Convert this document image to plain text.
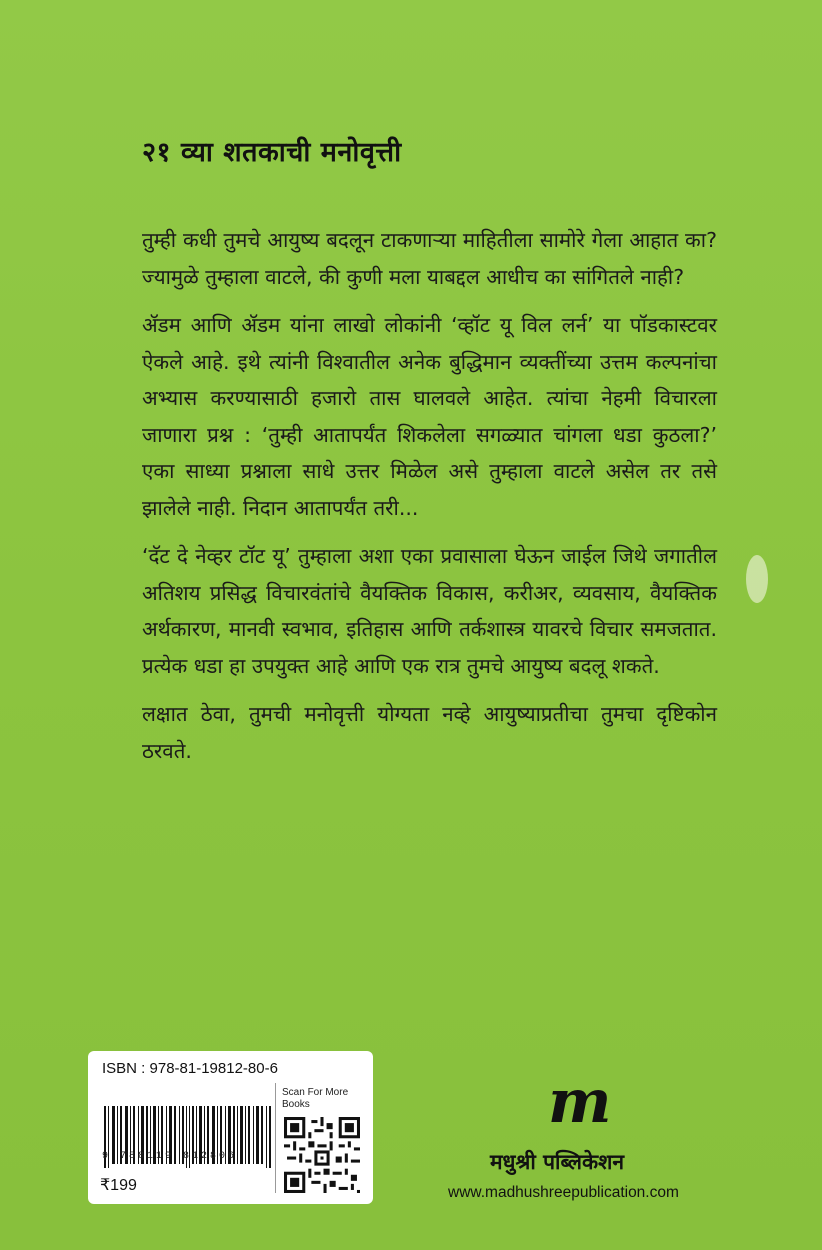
२१ व्या शतकाची मनोवृत्ती

तुम्ही कधी तुमचे आयुष्य बदलून टाकणाऱ्या माहितीला सामोरे गेला आहात का? ज्यामुळे तुम्हाला वाटले, की कुणी मला याबद्दल आधीच का सांगितले नाही?

ॲडम आणि ॲडम यांना लाखो लोकांनी ‘व्हॉट यू विल लर्न’ या पॉडकास्टवर ऐकले आहे. इथे त्यांनी विश्वातील अनेक बुद्धिमान व्यक्तींच्या उत्तम कल्पनांचा अभ्यास करण्यासाठी हजारो तास घालवले आहेत. त्यांचा नेहमी विचारला जाणारा प्रश्न : ‘तुम्ही आतापर्यंत शिकलेला सगळ्यात चांगला धडा कुठला?’ एका साध्या प्रश्नाला साधे उत्तर मिळेल असे तुम्हाला वाटले असेल तर तसे झालेले नाही. निदान आतापर्यंत तरी...

‘दॅट दे नेव्हर टॉट यू’ तुम्हाला अशा एका प्रवासाला घेऊन जाईल जिथे जगातील अतिशय प्रसिद्ध विचारवंतांचे वैयक्तिक विकास, करीअर, व्यवसाय, वैयक्तिक अर्थकारण, मानवी स्वभाव, इतिहास आणि तर्कशास्त्र यावरचे विचार समजतात. प्रत्येक धडा हा उपयुक्त आहे आणि एक रात्र तुमचे आयुष्य बदलू शकते.

लक्षात ठेवा, तुमची मनोवृत्ती योग्यता नव्हे आयुष्याप्रतीचा तुमचा दृष्टिकोन ठरवते.

ISBN : 978-81-19812-80-6
9 788119 812806
₹199
Scan For More Books	m
मधुश्री पब्लिकेशन
www.madhushreepublication.com
